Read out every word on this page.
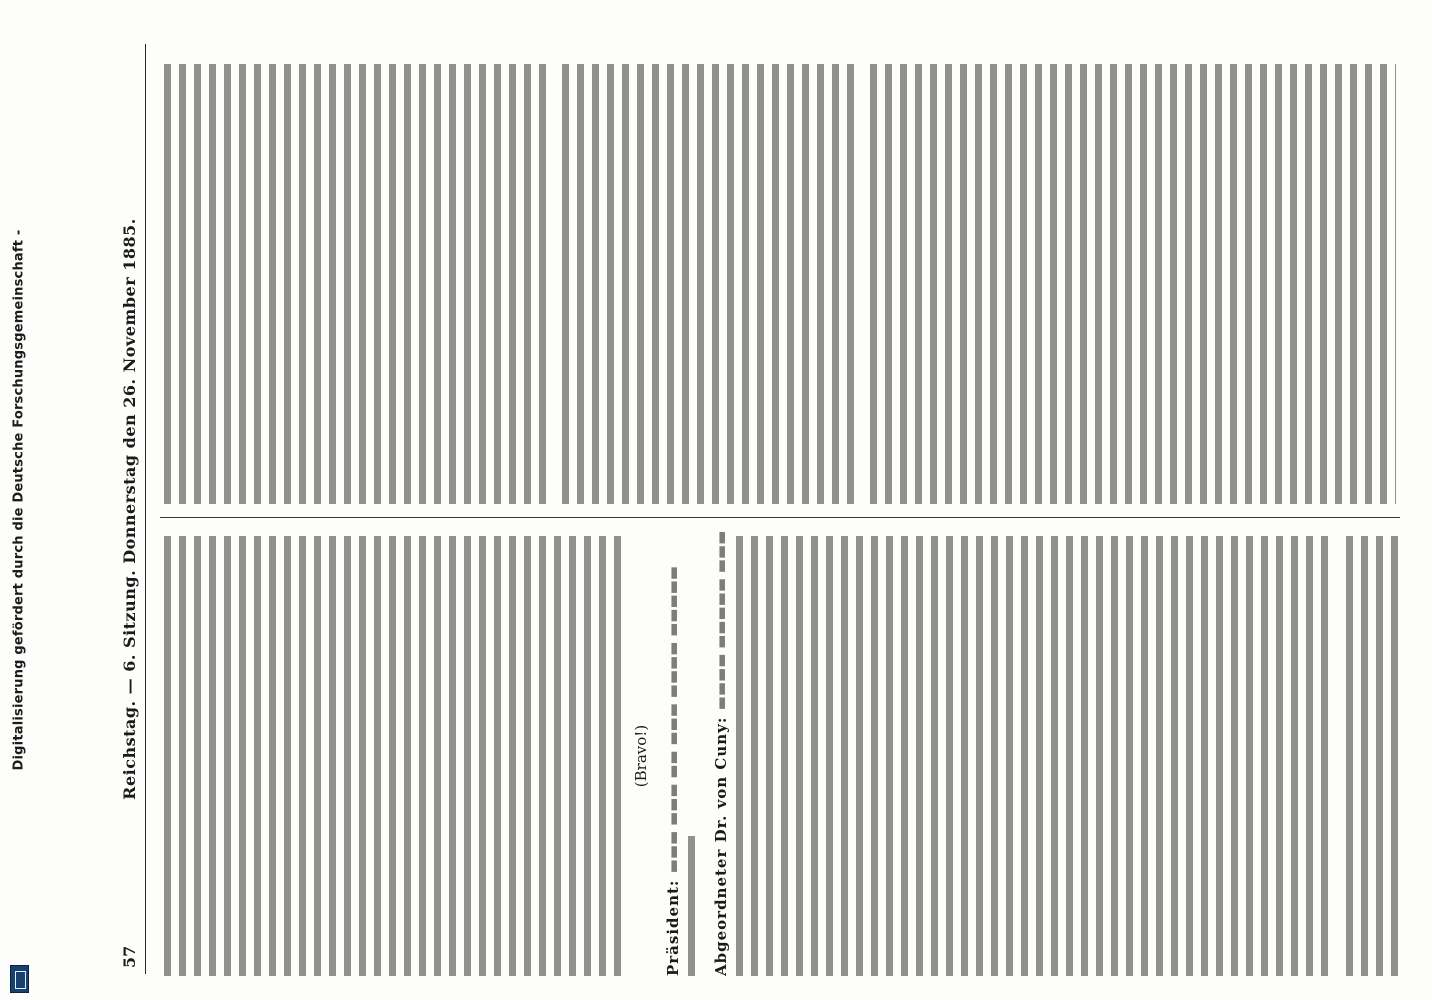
Digitalisierung gefördert durch die Deutsche Forschungsgemeinschaft -
57
Reichstag. — 6. Sitzung. Donnerstag den 26. November 1885.	(Bravo!)
Präsident: ▬▬▬ ▬▬▬ ▬▬ ▬▬▬ ▬▬▬▬ ▬▬▬▬▬ Abgeordneter Dr. von Cuny: ▬▬▬▬ ▬▬▬▬▬ ▬▬▬
